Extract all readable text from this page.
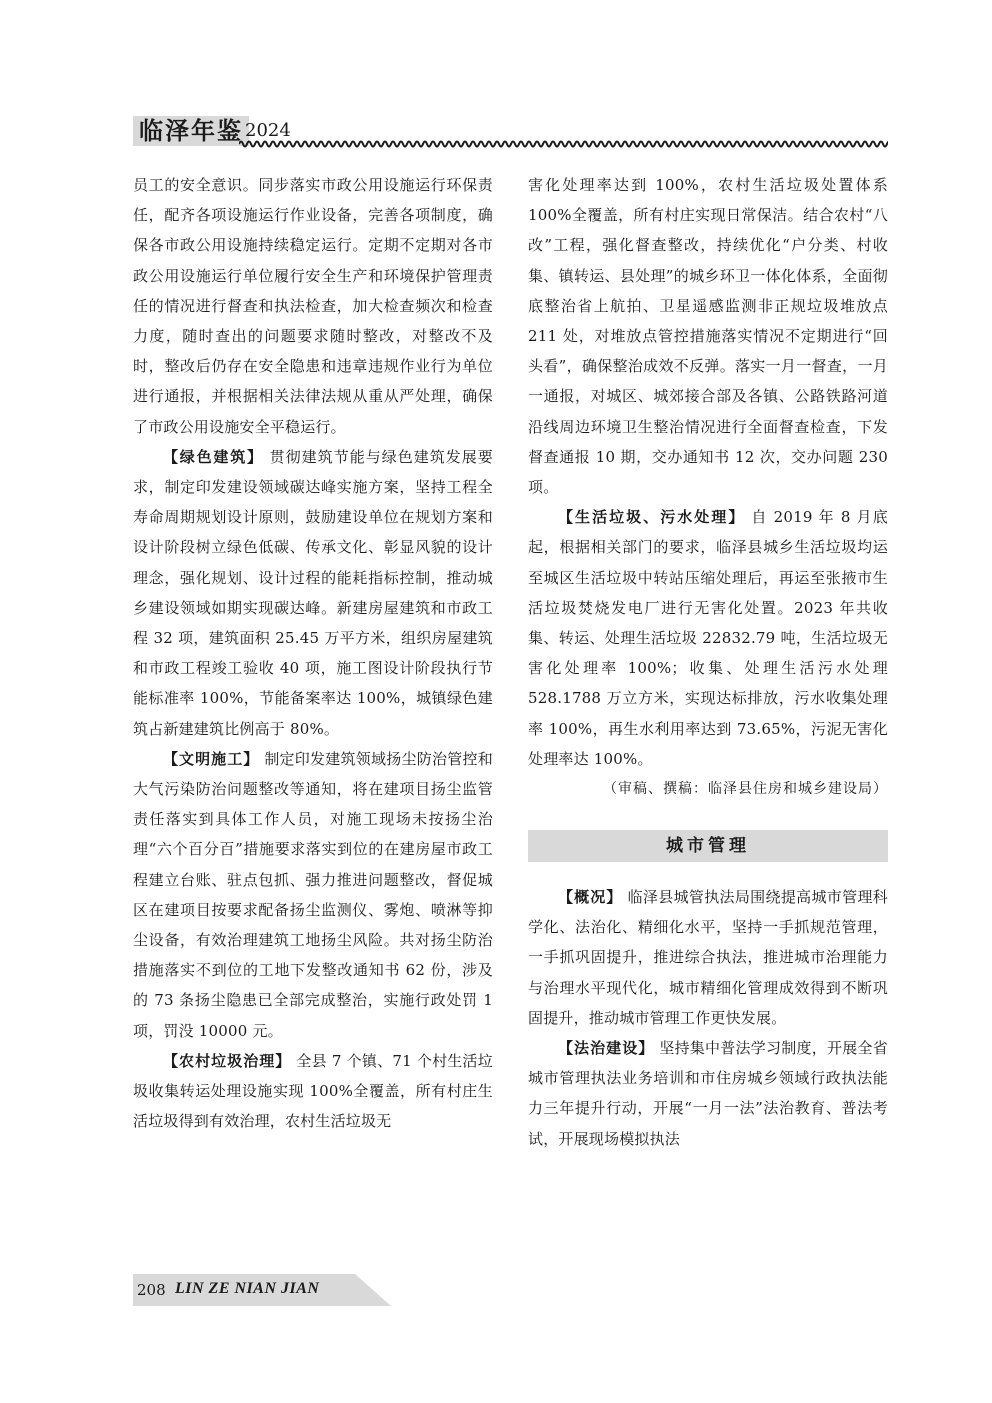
临泽年鉴 2024

员工的安全意识。同步落实市政公用设施运行环保责任，配齐各项设施运行作业设备，完善各项制度，确保各市政公用设施持续稳定运行。定期不定期对各市政公用设施运行单位履行安全生产和环境保护管理责任的情况进行督查和执法检查，加大检查频次和检查力度，随时查出的问题要求随时整改，对整改不及时，整改后仍存在安全隐患和违章违规作业行为单位进行通报，并根据相关法律法规从重从严处理，确保了市政公用设施安全平稳运行。

【绿色建筑】 贯彻建筑节能与绿色建筑发展要求，制定印发建设领域碳达峰实施方案，坚持工程全寿命周期规划设计原则，鼓励建设单位在规划方案和设计阶段树立绿色低碳、传承文化、彰显风貌的设计理念，强化规划、设计过程的能耗指标控制，推动城乡建设领域如期实现碳达峰。新建房屋建筑和市政工程 32 项，建筑面积 25.45 万平方米，组织房屋建筑和市政工程竣工验收 40 项，施工图设计阶段执行节能标准率 100%，节能备案率达 100%，城镇绿色建筑占新建建筑比例高于 80%。

【文明施工】 制定印发建筑领域扬尘防治管控和大气污染防治问题整改等通知，将在建项目扬尘监管责任落实到具体工作人员，对施工现场未按扬尘治理“六个百分百”措施要求落实到位的在建房屋市政工程建立台账、驻点包抓、强力推进问题整改，督促城区在建项目按要求配备扬尘监测仪、雾炮、喷淋等抑尘设备，有效治理建筑工地扬尘风险。共对扬尘防治措施落实不到位的工地下发整改通知书 62 份，涉及的 73 条扬尘隐患已全部完成整治，实施行政处罚 1 项，罚没 10000 元。

【农村垃圾治理】 全县 7 个镇、71 个村生活垃圾收集转运处理设施实现 100%全覆盖，所有村庄生活垃圾得到有效治理，农村生活垃圾无

害化处理率达到 100%，农村生活垃圾处置体系 100%全覆盖，所有村庄实现日常保洁。结合农村“八改”工程，强化督查整改，持续优化“户分类、村收集、镇转运、县处理”的城乡环卫一体化体系，全面彻底整治省上航拍、卫星遥感监测非正规垃圾堆放点 211 处，对堆放点管控措施落实情况不定期进行“回头看”，确保整治成效不反弹。落实一月一督查，一月一通报，对城区、城郊接合部及各镇、公路铁路河道沿线周边环境卫生整治情况进行全面督查检查，下发督查通报 10 期，交办通知书 12 次，交办问题 230 项。

【生活垃圾、污水处理】 自 2019 年 8 月底起，根据相关部门的要求，临泽县城乡生活垃圾均运至城区生活垃圾中转站压缩处理后，再运至张掖市生活垃圾焚烧发电厂进行无害化处置。2023 年共收集、转运、处理生活垃圾 22832.79 吨，生活垃圾无害化处理率 100%；收集、处理生活污水处理 528.1788 万立方米，实现达标排放，污水收集处理率 100%，再生水利用率达到 73.65%，污泥无害化处理率达 100%。

（审稿、撰稿：临泽县住房和城乡建设局）

城市管理

【概况】 临泽县城管执法局围绕提高城市管理科学化、法治化、精细化水平，坚持一手抓规范管理，一手抓巩固提升，推进综合执法，推进城市治理能力与治理水平现代化，城市精细化管理成效得到不断巩固提升，推动城市管理工作更快发展。

【法治建设】 坚持集中普法学习制度，开展全省城市管理执法业务培训和市住房城乡领域行政执法能力三年提升行动，开展“一月一法”法治教育、普法考试，开展现场模拟执法

208 LIN ZE NIAN JIAN
